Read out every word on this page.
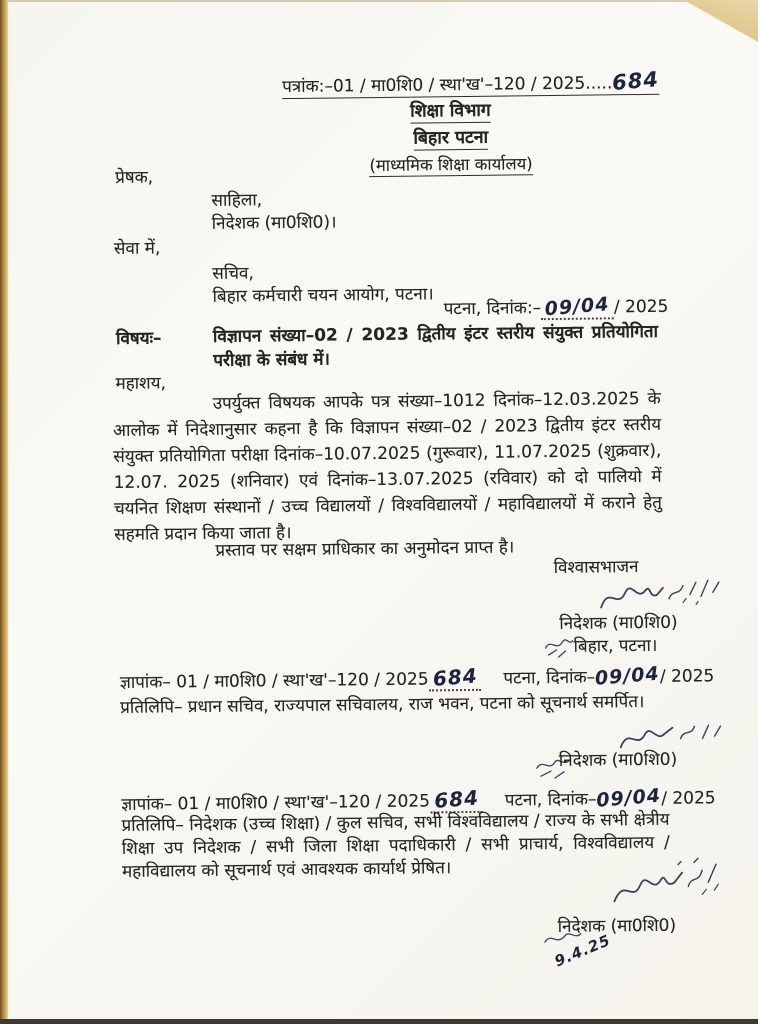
पत्रांक:–01 / मा0शि0 / स्था'ख'–120 / 2025 .....
684
शिक्षा विभाग
बिहार पटना
(माध्यमिक शिक्षा कार्यालय)
प्रेषक,
साहिला,
निदेशक (मा0शि0)।
सेवा में,
सचिव,
बिहार कर्मचारी चयन आयोग, पटना।
पटना, दिनांक:– 09/04 / 2025
विषयः–	विज्ञापन संख्या–02 / 2023 द्वितीय इंटर स्तरीय संयुक्त प्रतियोगिता परीक्षा के संबंध में।
महाशय,
उपर्युक्त विषयक आपके पत्र संख्या–1012 दिनांक–12.03.2025 के आलोक में निदेशानुसार कहना है कि विज्ञापन संख्या–02 / 2023 द्वितीय इंटर स्तरीय संयुक्त प्रतियोगिता परीक्षा दिनांक–10.07.2025 (गुरूवार), 11.07.2025 (शुक्रवार), 12.07. 2025 (शनिवार) एवं दिनांक–13.07.2025 (रविवार) को दो पालियो में चयनित शिक्षण संस्थानों / उच्च विद्यालयों / विश्वविद्यालयों / महाविद्यालयों में कराने हेतु सहमति प्रदान किया जाता है।
प्रस्ताव पर सक्षम प्राधिकार का अनुमोदन प्राप्त है।
विश्वासभाजन
निदेशक (मा0शि0)
बिहार, पटना।
ज्ञापांक– 01 / मा0शि0 / स्था'ख'–120 / 2025 684 पटना, दिनांक– 09/04 / 2025
प्रतिलिपि– प्रधान सचिव, राज्यपाल सचिवालय, राज भवन, पटना को सूचनार्थ समर्पित।
निदेशक (मा0शि0)
ज्ञापांक– 01 / मा0शि0 / स्था'ख'–120 / 2025 684 पटना, दिनांक– 09/04 / 2025
प्रतिलिपि– निदेशक (उच्च शिक्षा) / कुल सचिव, सभी विश्वविद्यालय / राज्य के सभी क्षेत्रीय शिक्षा उप निदेशक / सभी जिला शिक्षा पदाधिकारी / सभी प्राचार्य, विश्वविद्यालय / महाविद्यालय को सूचनार्थ एवं आवश्यक कार्यार्थ प्रेषित।
निदेशक (मा0शि0)
9.4.25
